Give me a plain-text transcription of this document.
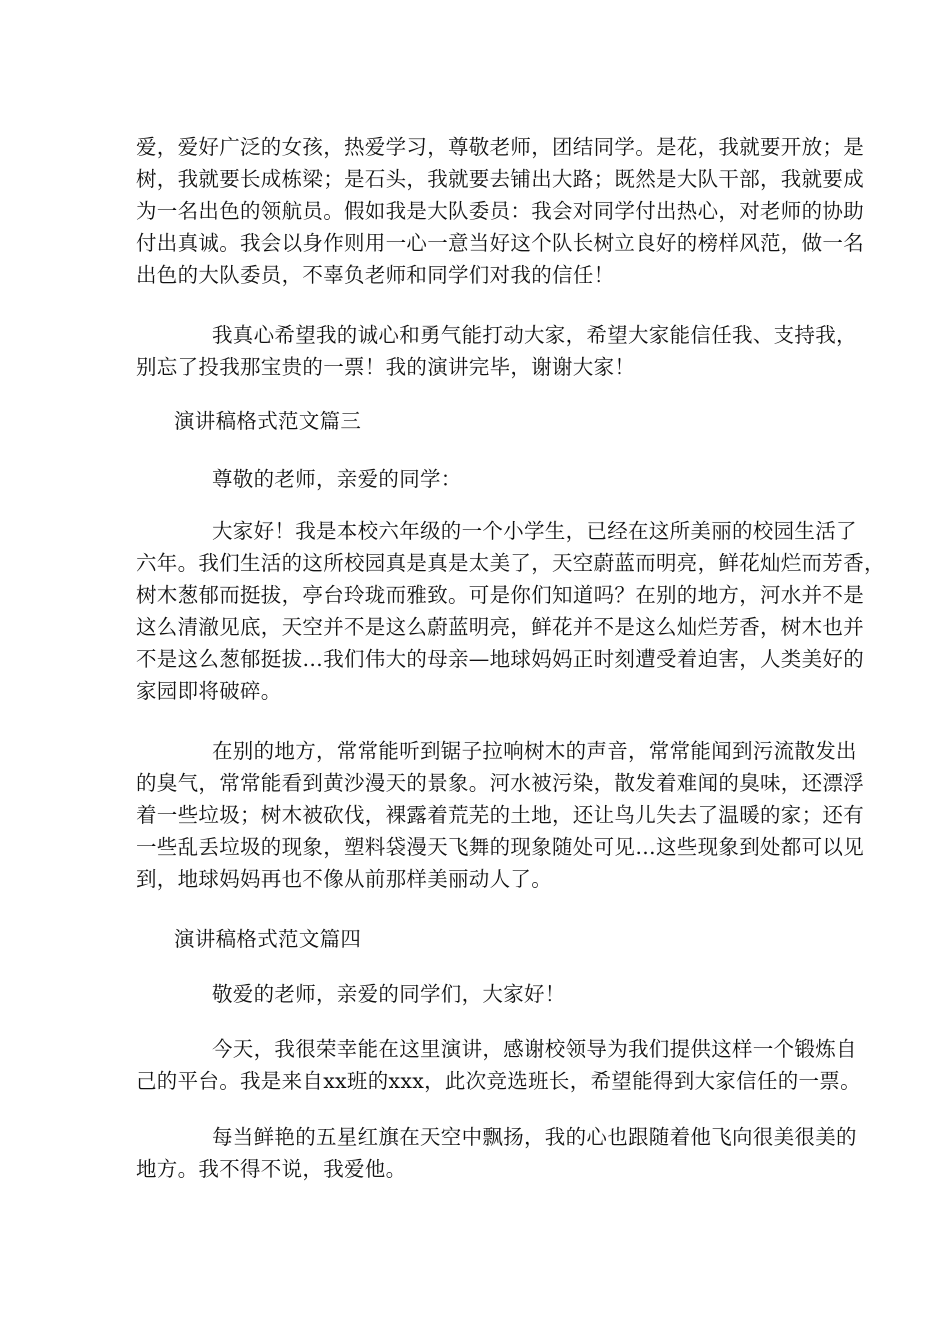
爱，爱好广泛的女孩，热爱学习，尊敬老师，团结同学。是花，我就要开放；是
树，我就要长成栋梁；是石头，我就要去铺出大路；既然是大队干部，我就要成
为一名出色的领航员。假如我是大队委员：我会对同学付出热心，对老师的协助
付出真诚。我会以身作则用一心一意当好这个队长树立良好的榜样风范，做一名
出色的大队委员，不辜负老师和同学们对我的信任！
我真心希望我的诚心和勇气能打动大家，希望大家能信任我、支持我，
别忘了投我那宝贵的一票！我的演讲完毕，谢谢大家！
演讲稿格式范文篇三
尊敬的老师，亲爱的同学：
大家好！我是本校六年级的一个小学生，已经在这所美丽的校园生活了
六年。我们生活的这所校园真是真是太美了，天空蔚蓝而明亮，鲜花灿烂而芳香，
树木葱郁而挺拔，亭台玲珑而雅致。可是你们知道吗？在别的地方，河水并不是
这么清澈见底，天空并不是这么蔚蓝明亮，鲜花并不是这么灿烂芳香，树木也并
不是这么葱郁挺拔…我们伟大的母亲—地球妈妈正时刻遭受着迫害，人类美好的
家园即将破碎。
在别的地方，常常能听到锯子拉响树木的声音，常常能闻到污流散发出
的臭气，常常能看到黄沙漫天的景象。河水被污染，散发着难闻的臭味，还漂浮
着一些垃圾；树木被砍伐，裸露着荒芜的土地，还让鸟儿失去了温暖的家；还有
一些乱丢垃圾的现象，塑料袋漫天飞舞的现象随处可见…这些现象到处都可以见
到，地球妈妈再也不像从前那样美丽动人了。
演讲稿格式范文篇四
敬爱的老师，亲爱的同学们，大家好！
今天，我很荣幸能在这里演讲，感谢校领导为我们提供这样一个锻炼自
己的平台。我是来自xx班的xxx，此次竞选班长，希望能得到大家信任的一票。
每当鲜艳的五星红旗在天空中飘扬，我的心也跟随着他飞向很美很美的
地方。我不得不说，我爱他。
